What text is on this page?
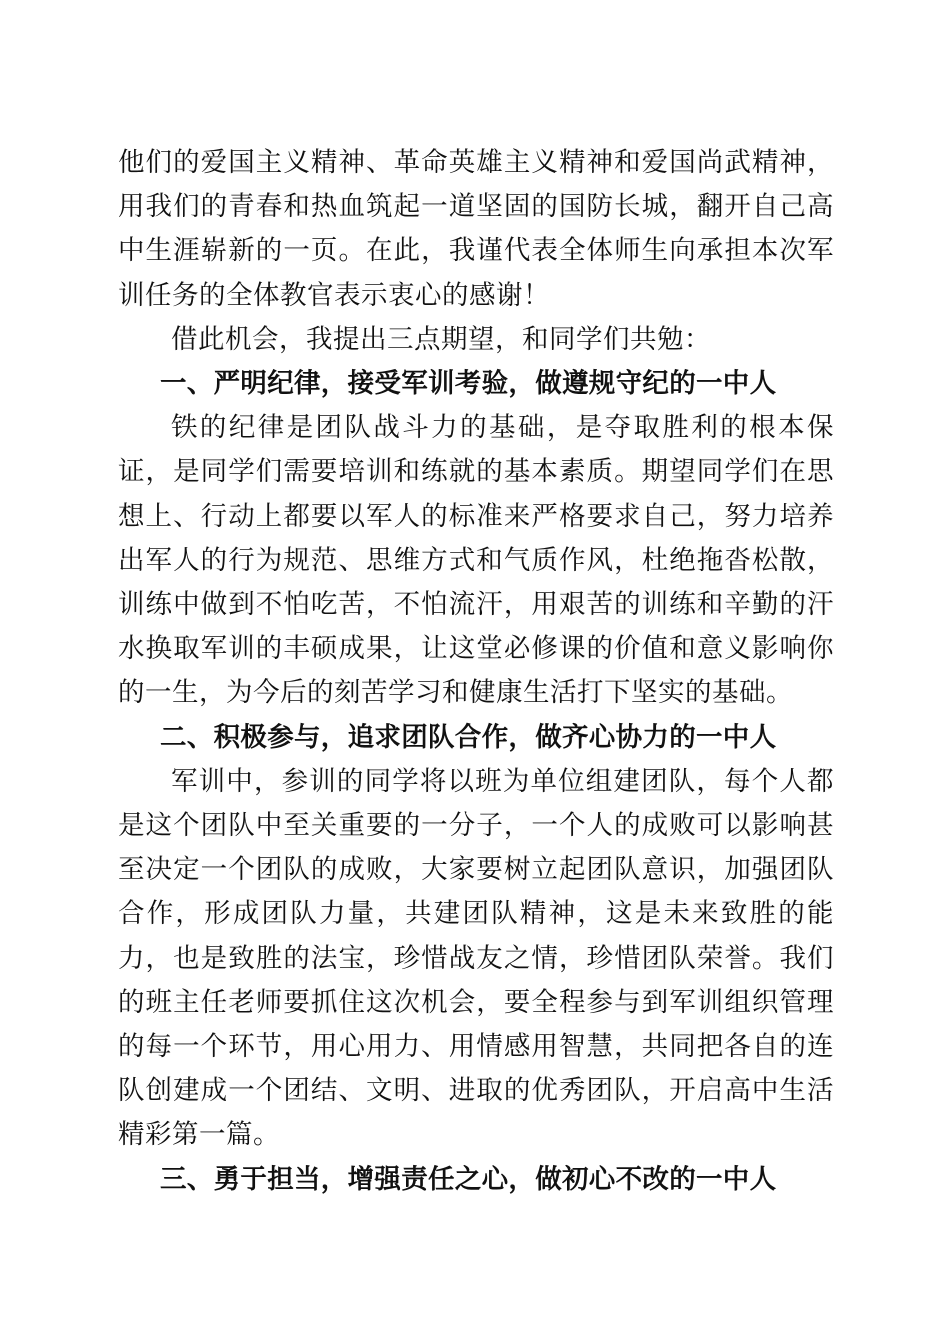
他们的爱国主义精神、革命英雄主义精神和爱国尚武精神，用我们的青春和热血筑起一道坚固的国防长城，翻开自己高中生涯崭新的一页。在此，我谨代表全体师生向承担本次军训任务的全体教官表示衷心的感谢！

借此机会，我提出三点期望，和同学们共勉：

一、严明纪律，接受军训考验，做遵规守纪的一中人

铁的纪律是团队战斗力的基础，是夺取胜利的根本保证，是同学们需要培训和练就的基本素质。期望同学们在思想上、行动上都要以军人的标准来严格要求自己，努力培养出军人的行为规范、思维方式和气质作风，杜绝拖沓松散，训练中做到不怕吃苦，不怕流汗，用艰苦的训练和辛勤的汗水换取军训的丰硕成果，让这堂必修课的价值和意义影响你的一生，为今后的刻苦学习和健康生活打下坚实的基础。

二、积极参与，追求团队合作，做齐心协力的一中人

军训中，参训的同学将以班为单位组建团队，每个人都是这个团队中至关重要的一分子，一个人的成败可以影响甚至决定一个团队的成败，大家要树立起团队意识，加强团队合作，形成团队力量，共建团队精神，这是未来致胜的能力，也是致胜的法宝，珍惜战友之情，珍惜团队荣誉。我们的班主任老师要抓住这次机会，要全程参与到军训组织管理的每一个环节，用心用力、用情感用智慧，共同把各自的连队创建成一个团结、文明、进取的优秀团队，开启高中生活精彩第一篇。

三、勇于担当，增强责任之心，做初心不改的一中人
